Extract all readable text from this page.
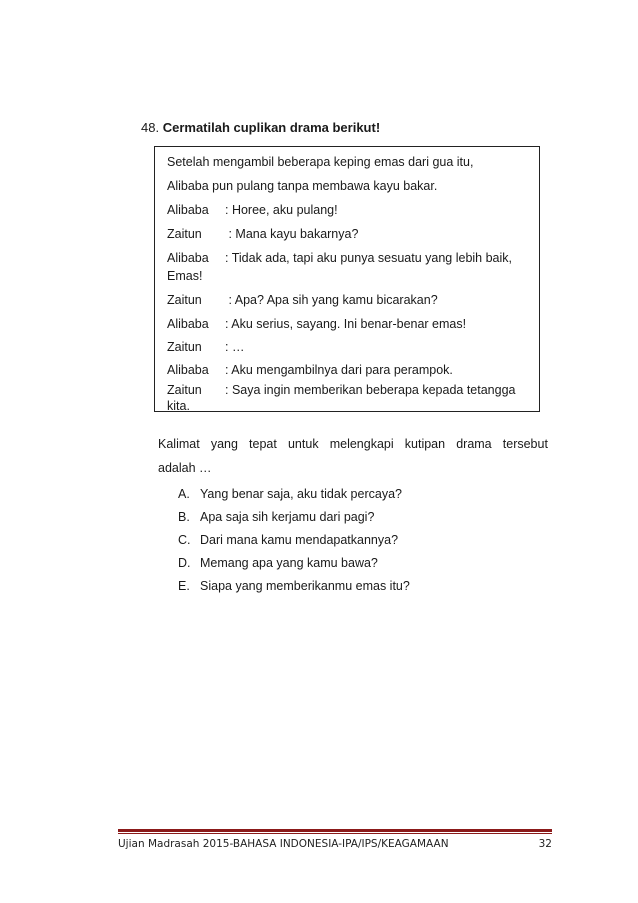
48. Cermatilah cuplikan drama berikut!
Setelah mengambil beberapa keping emas dari gua itu,
Alibaba pun pulang tanpa membawa kayu bakar.
Alibaba : Horee, aku pulang!
Zaitun : Mana kayu bakarnya?
Alibaba : Tidak ada, tapi aku punya sesuatu yang lebih baik,
Emas!
Zaitun : Apa? Apa sih yang kamu bicarakan?
Alibaba : Aku serius, sayang. Ini benar-benar emas!
Zaitun : …
Alibaba : Aku mengambilnya dari para perampok.
Zaitun : Saya ingin memberikan beberapa kepada tetangga
kita.
Kalimat yang tepat untuk melengkapi kutipan drama tersebut
adalah …
A. Yang benar saja, aku tidak percaya?
B. Apa saja sih kerjamu dari pagi?
C. Dari mana kamu mendapatkannya?
D. Memang apa yang kamu bawa?
E. Siapa yang memberikanmu emas itu?
Ujian Madrasah 2015-BAHASA INDONESIA-IPA/IPS/KEAGAMAAN	32
